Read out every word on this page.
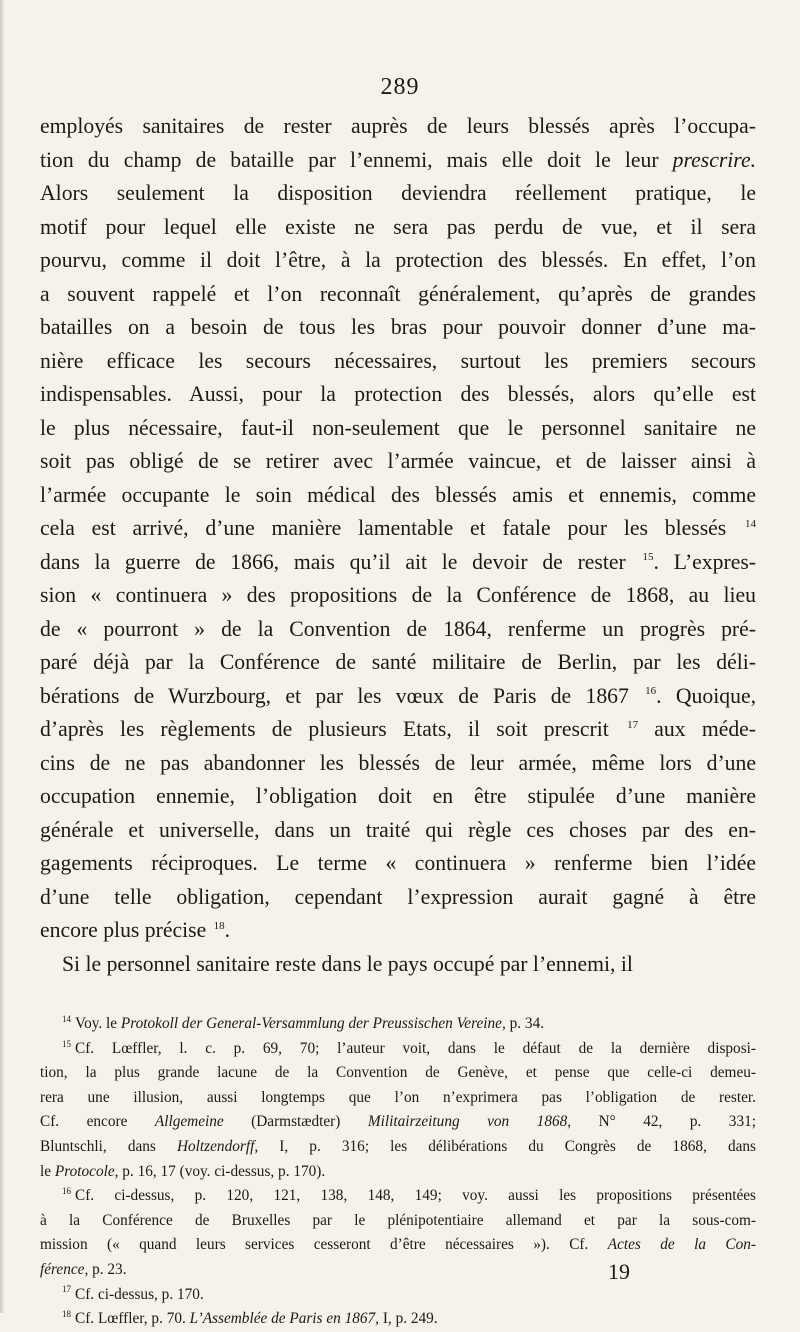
289
employés sanitaires de rester auprès de leurs blessés après l’occupa-
tion du champ de bataille par l’ennemi, mais elle doit le leur prescrire.
Alors seulement la disposition deviendra réellement pratique, le
motif pour lequel elle existe ne sera pas perdu de vue, et il sera
pourvu, comme il doit l’être, à la protection des blessés. En effet, l’on
a souvent rappelé et l’on reconnaît généralement, qu’après de grandes
batailles on a besoin de tous les bras pour pouvoir donner d’une ma-
nière efficace les secours nécessaires, surtout les premiers secours
indispensables. Aussi, pour la protection des blessés, alors qu’elle est
le plus nécessaire, faut-il non-seulement que le personnel sanitaire ne
soit pas obligé de se retirer avec l’armée vaincue, et de laisser ainsi à
l’armée occupante le soin médical des blessés amis et ennemis, comme
cela est arrivé, d’une manière lamentable et fatale pour les blessés $^{14}$
dans la guerre de 1866, mais qu’il ait le devoir de rester $^{15}$. L’expres-
sion « continuera » des propositions de la Conférence de 1868, au lieu
de « pourront » de la Convention de 1864, renferme un progrès pré-
paré déjà par la Conférence de santé militaire de Berlin, par les déli-
bérations de Wurzbourg, et par les vœux de Paris de 1867 $^{16}$. Quoique,
d’après les règlements de plusieurs Etats, il soit prescrit $^{17}$ aux méde-
cins de ne pas abandonner les blessés de leur armée, même lors d’une
occupation ennemie, l’obligation doit en être stipulée d’une manière
générale et universelle, dans un traité qui règle ces choses par des en-
gagements réciproques. Le terme « continuera » renferme bien l’idée
d’une telle obligation, cependant l’expression aurait gagné à être
encore plus précise $^{18}$.
Si le personnel sanitaire reste dans le pays occupé par l’ennemi, il
$^{14}$ Voy. le Protokoll der General-Versammlung der Preussischen Vereine, p. 34.
$^{15}$ Cf. Lœffler, l. c. p. 69, 70; l’auteur voit, dans le défaut de la dernière disposi-
tion, la plus grande lacune de la Convention de Genève, et pense que celle-ci demeu-
rera une illusion, aussi longtemps que l’on n’exprimera pas l’obligation de rester.
Cf. encore Allgemeine (Darmstædter) Militairzeitung von 1868, N° 42, p. 331;
Bluntschli, dans Holtzendorff, I, p. 316; les délibérations du Congrès de 1868, dans
le Protocole, p. 16, 17 (voy. ci-dessus, p. 170).
$^{16}$ Cf. ci-dessus, p. 120, 121, 138, 148, 149; voy. aussi les propositions présentées
à la Conférence de Bruxelles par le plénipotentiaire allemand et par la sous-com-
mission (« quand leurs services cesseront d’être nécessaires »). Cf. Actes de la Con-
férence, p. 23.
$^{17}$ Cf. ci-dessus, p. 170.
$^{18}$ Cf. Lœffler, p. 70. L’Assemblée de Paris en 1867, I, p. 249.
19
